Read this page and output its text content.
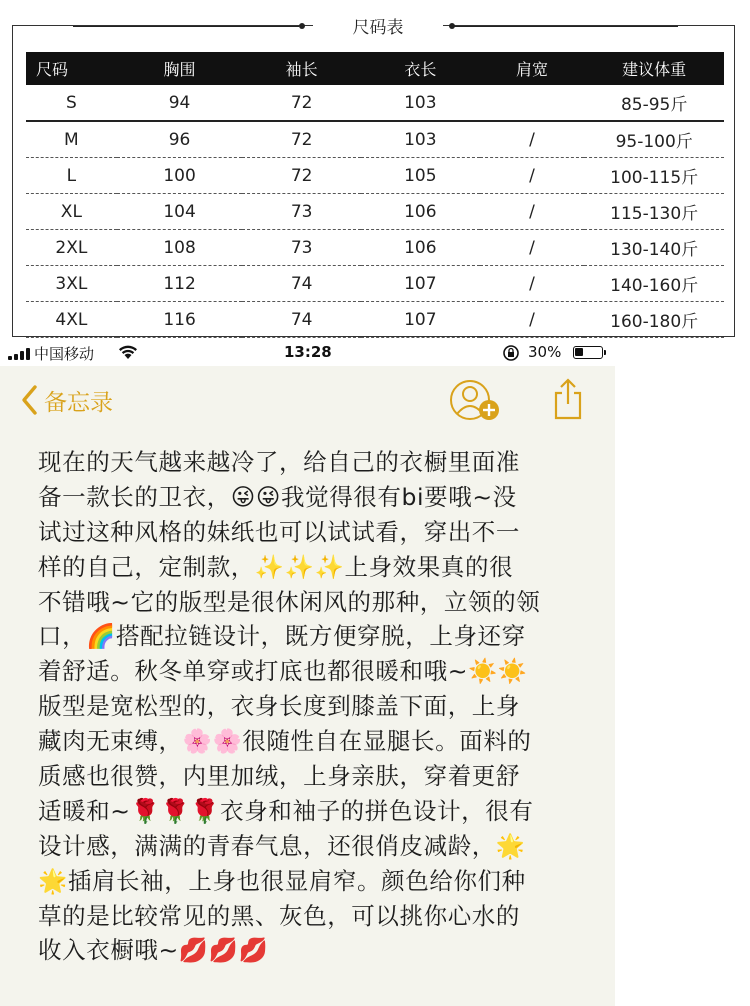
尺码表
尺码	胸围	袖长	衣长	肩宽	建议体重
S	94	72	103		85-95斤
M	96	72	103	/	95-100斤
L	100	72	105	/	100-115斤
XL	104	73	106	/	115-130斤
2XL	108	73	106	/	130-140斤
3XL	112	74	107	/	140-160斤
4XL	116	74	107	/	160-180斤
中国移动	13:28	30%
备忘录
现在的天气越来越冷了，给自己的衣橱里面准
备一款长的卫衣，😜😜我觉得很有bi要哦~没
试过这种风格的妹纸也可以试试看，穿出不一
样的自己，定制款，✨✨✨上身效果真的很
不错哦~它的版型是很休闲风的那种，立领的领
口，🌈搭配拉链设计，既方便穿脱，上身还穿
着舒适。秋冬单穿或打底也都很暖和哦~☀️☀️
版型是宽松型的，衣身长度到膝盖下面，上身
藏肉无束缚，🌸🌸很随性自在显腿长。面料的
质感也很赞，内里加绒，上身亲肤，穿着更舒
适暖和~🌹🌹🌹衣身和袖子的拼色设计，很有
设计感，满满的青春气息，还很俏皮减龄，🌟
🌟插肩长袖，上身也很显肩窄。颜色给你们种
草的是比较常见的黑、灰色，可以挑你心水的
收入衣橱哦~💋💋💋
